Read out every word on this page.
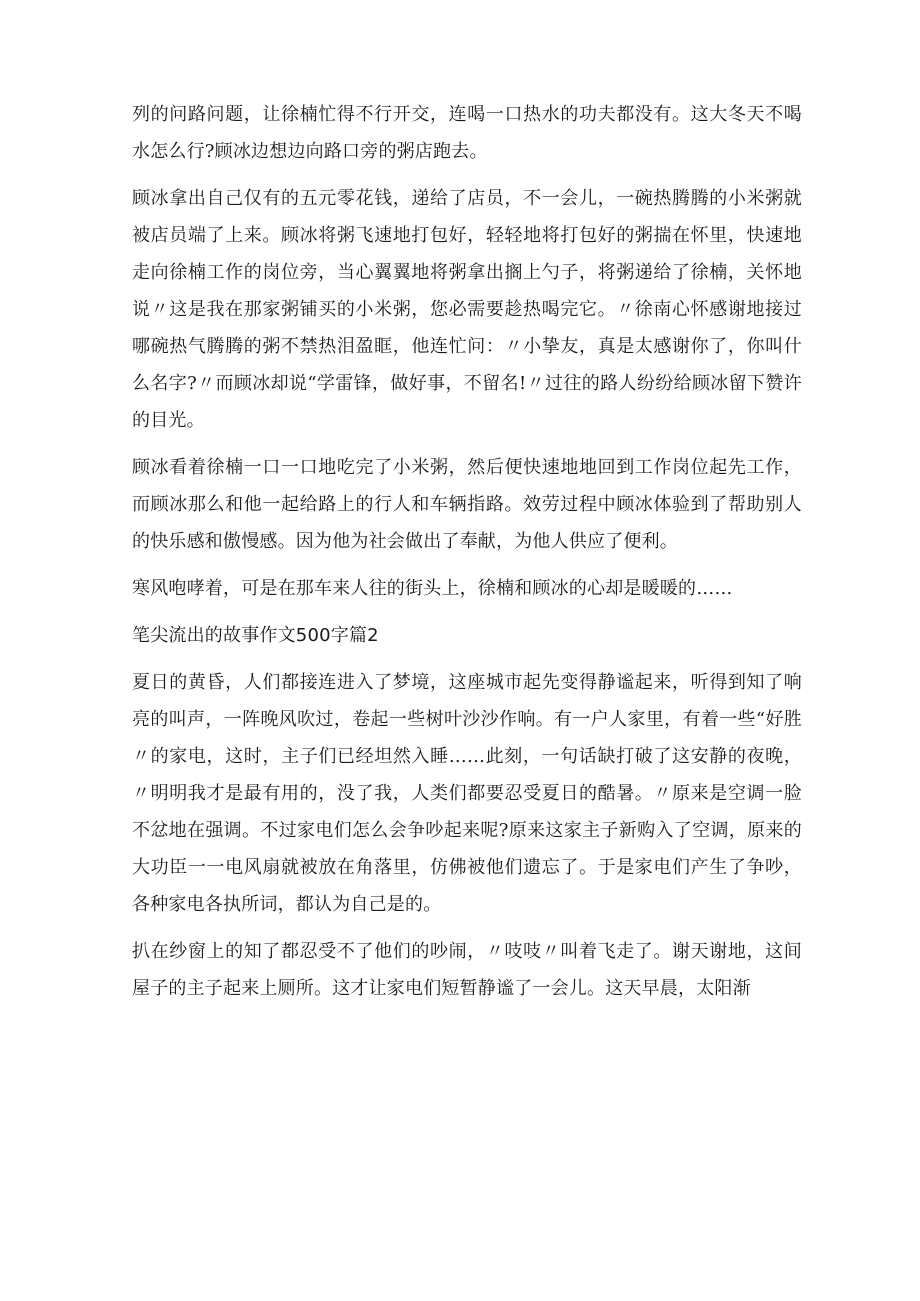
列的问路问题，让徐楠忙得不行开交，连喝一口热水的功夫都没有。这大冬天不喝水怎么行?顾冰边想边向路口旁的粥店跑去。

顾冰拿出自己仅有的五元零花钱，递给了店员，不一会儿，一碗热腾腾的小米粥就被店员端了上来。顾冰将粥飞速地打包好，轻轻地将打包好的粥揣在怀里，快速地走向徐楠工作的岗位旁，当心翼翼地将粥拿出搁上勺子，将粥递给了徐楠，关怀地说〃这是我在那家粥铺买的小米粥，您必需要趁热喝完它。〃徐南心怀感谢地接过哪碗热气腾腾的粥不禁热泪盈眶，他连忙问：〃小挚友，真是太感谢你了，你叫什么名字?〃而顾冰却说“学雷锋，做好事，不留名!〃过往的路人纷纷给顾冰留下赞许的目光。

顾冰看着徐楠一口一口地吃完了小米粥，然后便快速地地回到工作岗位起先工作，而顾冰那么和他一起给路上的行人和车辆指路。效劳过程中顾冰体验到了帮助别人的快乐感和傲慢感。因为他为社会做出了奉献，为他人供应了便利。

寒风咆哮着，可是在那车来人往的街头上，徐楠和顾冰的心却是暖暖的……

笔尖流出的故事作文500字篇2

夏日的黄昏，人们都接连进入了梦境，这座城市起先变得静谧起来，听得到知了响亮的叫声，一阵晚风吹过，卷起一些树叶沙沙作响。有一户人家里，有着一些“好胜〃的家电，这时，主子们已经坦然入睡……此刻，一句话缺打破了这安静的夜晚，〃明明我才是最有用的，没了我，人类们都要忍受夏日的酷暑。〃原来是空调一脸不忿地在强调。不过家电们怎么会争吵起来呢?原来这家主子新购入了空调，原来的大功臣一一电风扇就被放在角落里，仿佛被他们遗忘了。于是家电们产生了争吵，各种家电各执所词，都认为自己是的。

扒在纱窗上的知了都忍受不了他们的吵闹，〃吱吱〃叫着飞走了。谢天谢地，这间屋子的主子起来上厕所。这才让家电们短暂静谧了一会儿。这天早晨，太阳渐
